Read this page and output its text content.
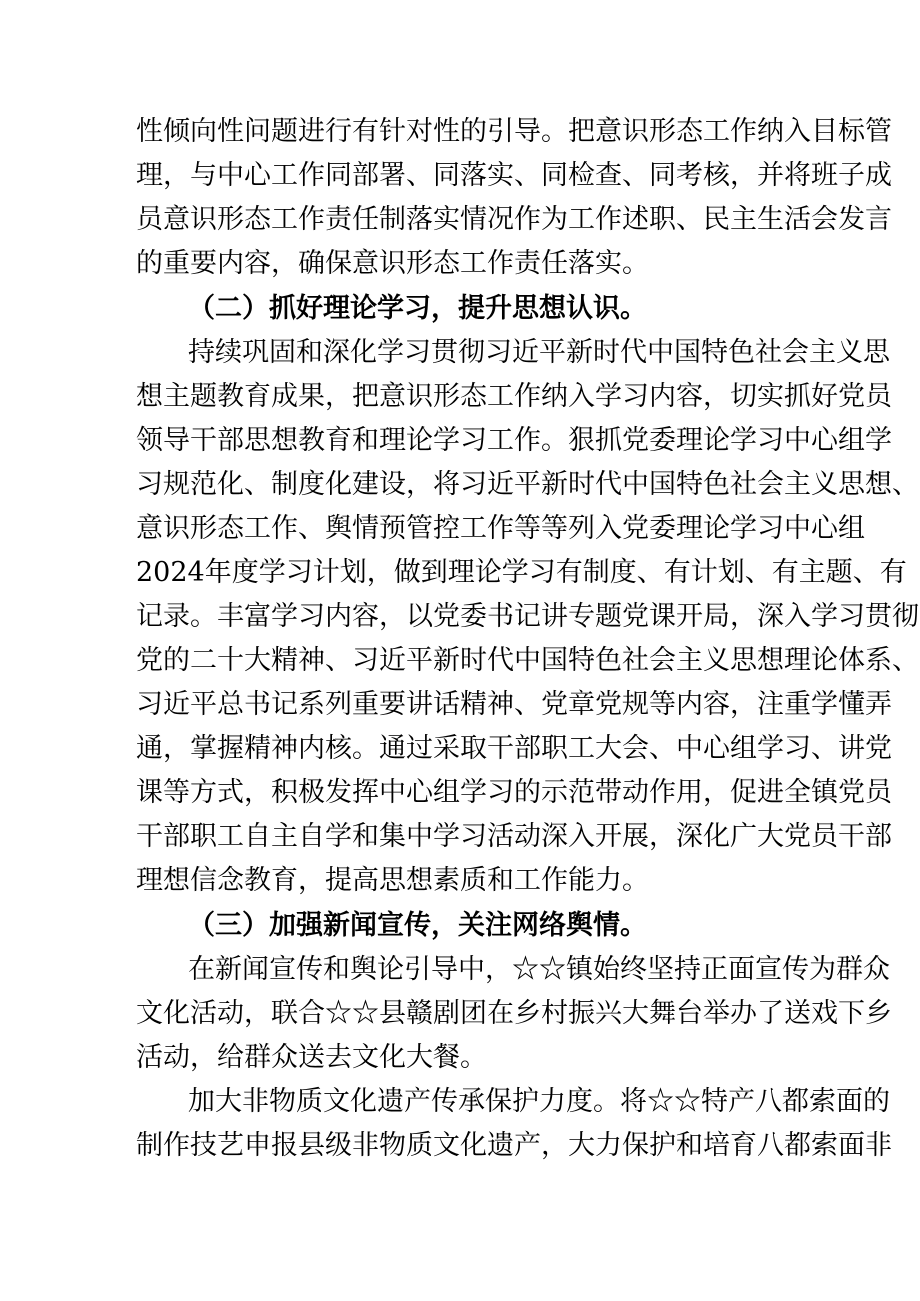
性倾向性问题进行有针对性的引导。把意识形态工作纳入目标管
理，与中心工作同部署、同落实、同检查、同考核，并将班子成
员意识形态工作责任制落实情况作为工作述职、民主生活会发言
的重要内容，确保意识形态工作责任落实。
（二）抓好理论学习，提升思想认识。
持续巩固和深化学习贯彻习近平新时代中国特色社会主义思
想主题教育成果，把意识形态工作纳入学习内容，切实抓好党员
领导干部思想教育和理论学习工作。狠抓党委理论学习中心组学
习规范化、制度化建设，将习近平新时代中国特色社会主义思想、
意识形态工作、舆情预管控工作等等列入党委理论学习中心组
2024年度学习计划，做到理论学习有制度、有计划、有主题、有
记录。丰富学习内容，以党委书记讲专题党课开局，深入学习贯彻
党的二十大精神、习近平新时代中国特色社会主义思想理论体系、
习近平总书记系列重要讲话精神、党章党规等内容，注重学懂弄
通，掌握精神内核。通过采取干部职工大会、中心组学习、讲党
课等方式，积极发挥中心组学习的示范带动作用，促进全镇党员
干部职工自主自学和集中学习活动深入开展，深化广大党员干部
理想信念教育，提高思想素质和工作能力。
（三）加强新闻宣传，关注网络舆情。
在新闻宣传和舆论引导中，☆☆镇始终坚持正面宣传为群众
文化活动，联合☆☆县赣剧团在乡村振兴大舞台举办了送戏下乡
活动，给群众送去文化大餐。
加大非物质文化遗产传承保护力度。将☆☆特产八都索面的
制作技艺申报县级非物质文化遗产，大力保护和培育八都索面非
